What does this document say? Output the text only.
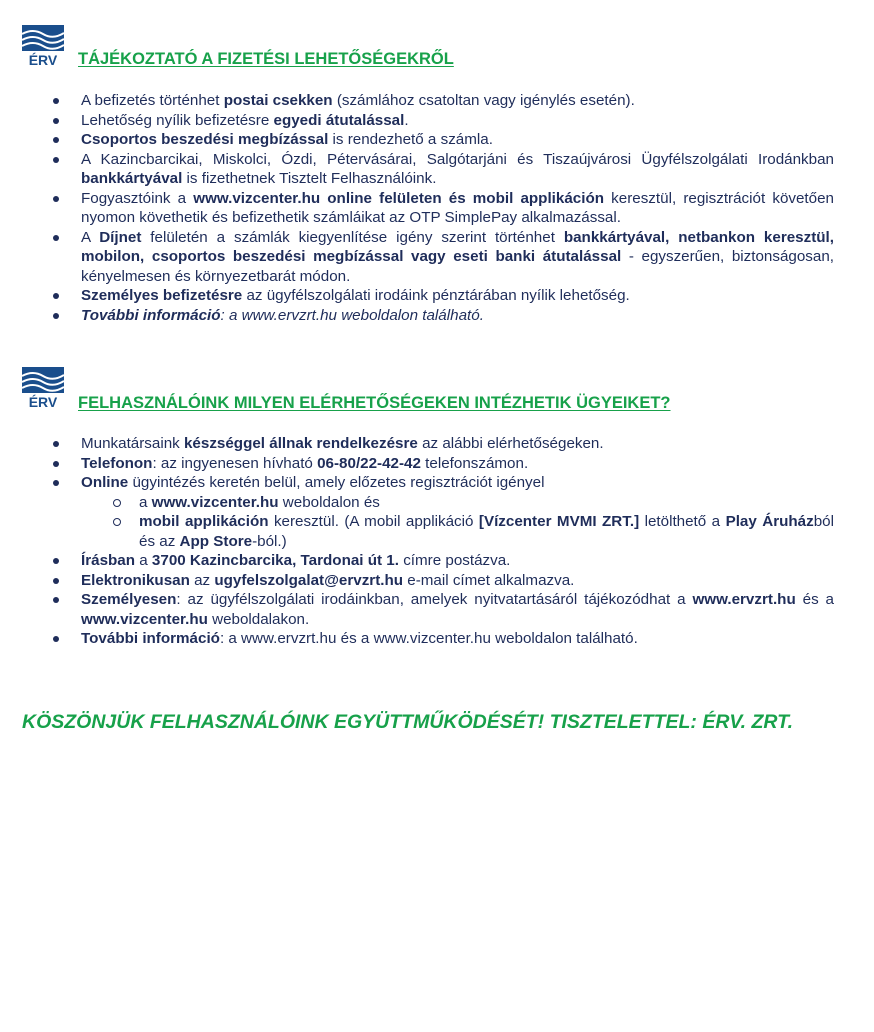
ÉRV TÁJÉKOZTATÓ A FIZETÉSI LEHETŐSÉGEKRŐL
A befizetés történhet postai csekken (számlához csatoltan vagy igénylés esetén).
Lehetőség nyílik befizetésre egyedi átutalással.
Csoportos beszedési megbízással is rendezhető a számla.
A Kazincbarcikai, Miskolci, Ózdi, Pétervásárai, Salgótarjáni és Tiszaújvárosi Ügyfélszolgálati Irodánkban bankkártyával is fizethetnek Tisztelt Felhasználóink.
Fogyasztóink a www.vizcenter.hu online felületen és mobil applikáción keresztül, regisztrációt követően nyomon követhetik és befizethetik számláikat az OTP SimplePay alkalmazással.
A Díjnet felületén a számlák kiegyenlítése igény szerint történhet bankkártyával, netbankon keresztül, mobilon, csoportos beszedési megbízással vagy eseti banki átutalással - egyszerűen, biztonságosan, kényelmesen és környezetbarát módon.
Személyes befizetésre az ügyfélszolgálati irodáink pénztárában nyílik lehetőség.
További információ: a www.ervzrt.hu weboldalon található.
ÉRV FELHASZNÁLÓINK MILYEN ELÉRHETŐSÉGEKEN INTÉZHETIK ÜGYEIKET?
Munkatársaink készséggel állnak rendelkezésre az alábbi elérhetőségeken.
Telefonon: az ingyenesen hívható 06-80/22-42-42 telefonszámon.
Online ügyintézés keretén belül, amely előzetes regisztrációt igényel
a www.vizcenter.hu weboldalon és
mobil applikáción keresztül. (A mobil applikáció [Vízcenter MVMI ZRT.] letölthető a Play Áruházból és az App Store-ból.)
Írásban a 3700 Kazincbarcika, Tardonai út 1. címre postázva.
Elektronikusan az ugyfelszolgalat@ervzrt.hu e-mail címet alkalmazva.
Személyesen: az ügyfélszolgálati irodáinkban, amelyek nyitvatartásáról tájékozódhat a www.ervzrt.hu és a www.vizcenter.hu weboldalakon.
További információ: a www.ervzrt.hu és a www.vizcenter.hu weboldalon található.
KÖSZÖNJÜK FELHASZNÁLÓINK EGYÜTTMŰKÖDÉSÉT! TISZTELETTEL: ÉRV. ZRT.
